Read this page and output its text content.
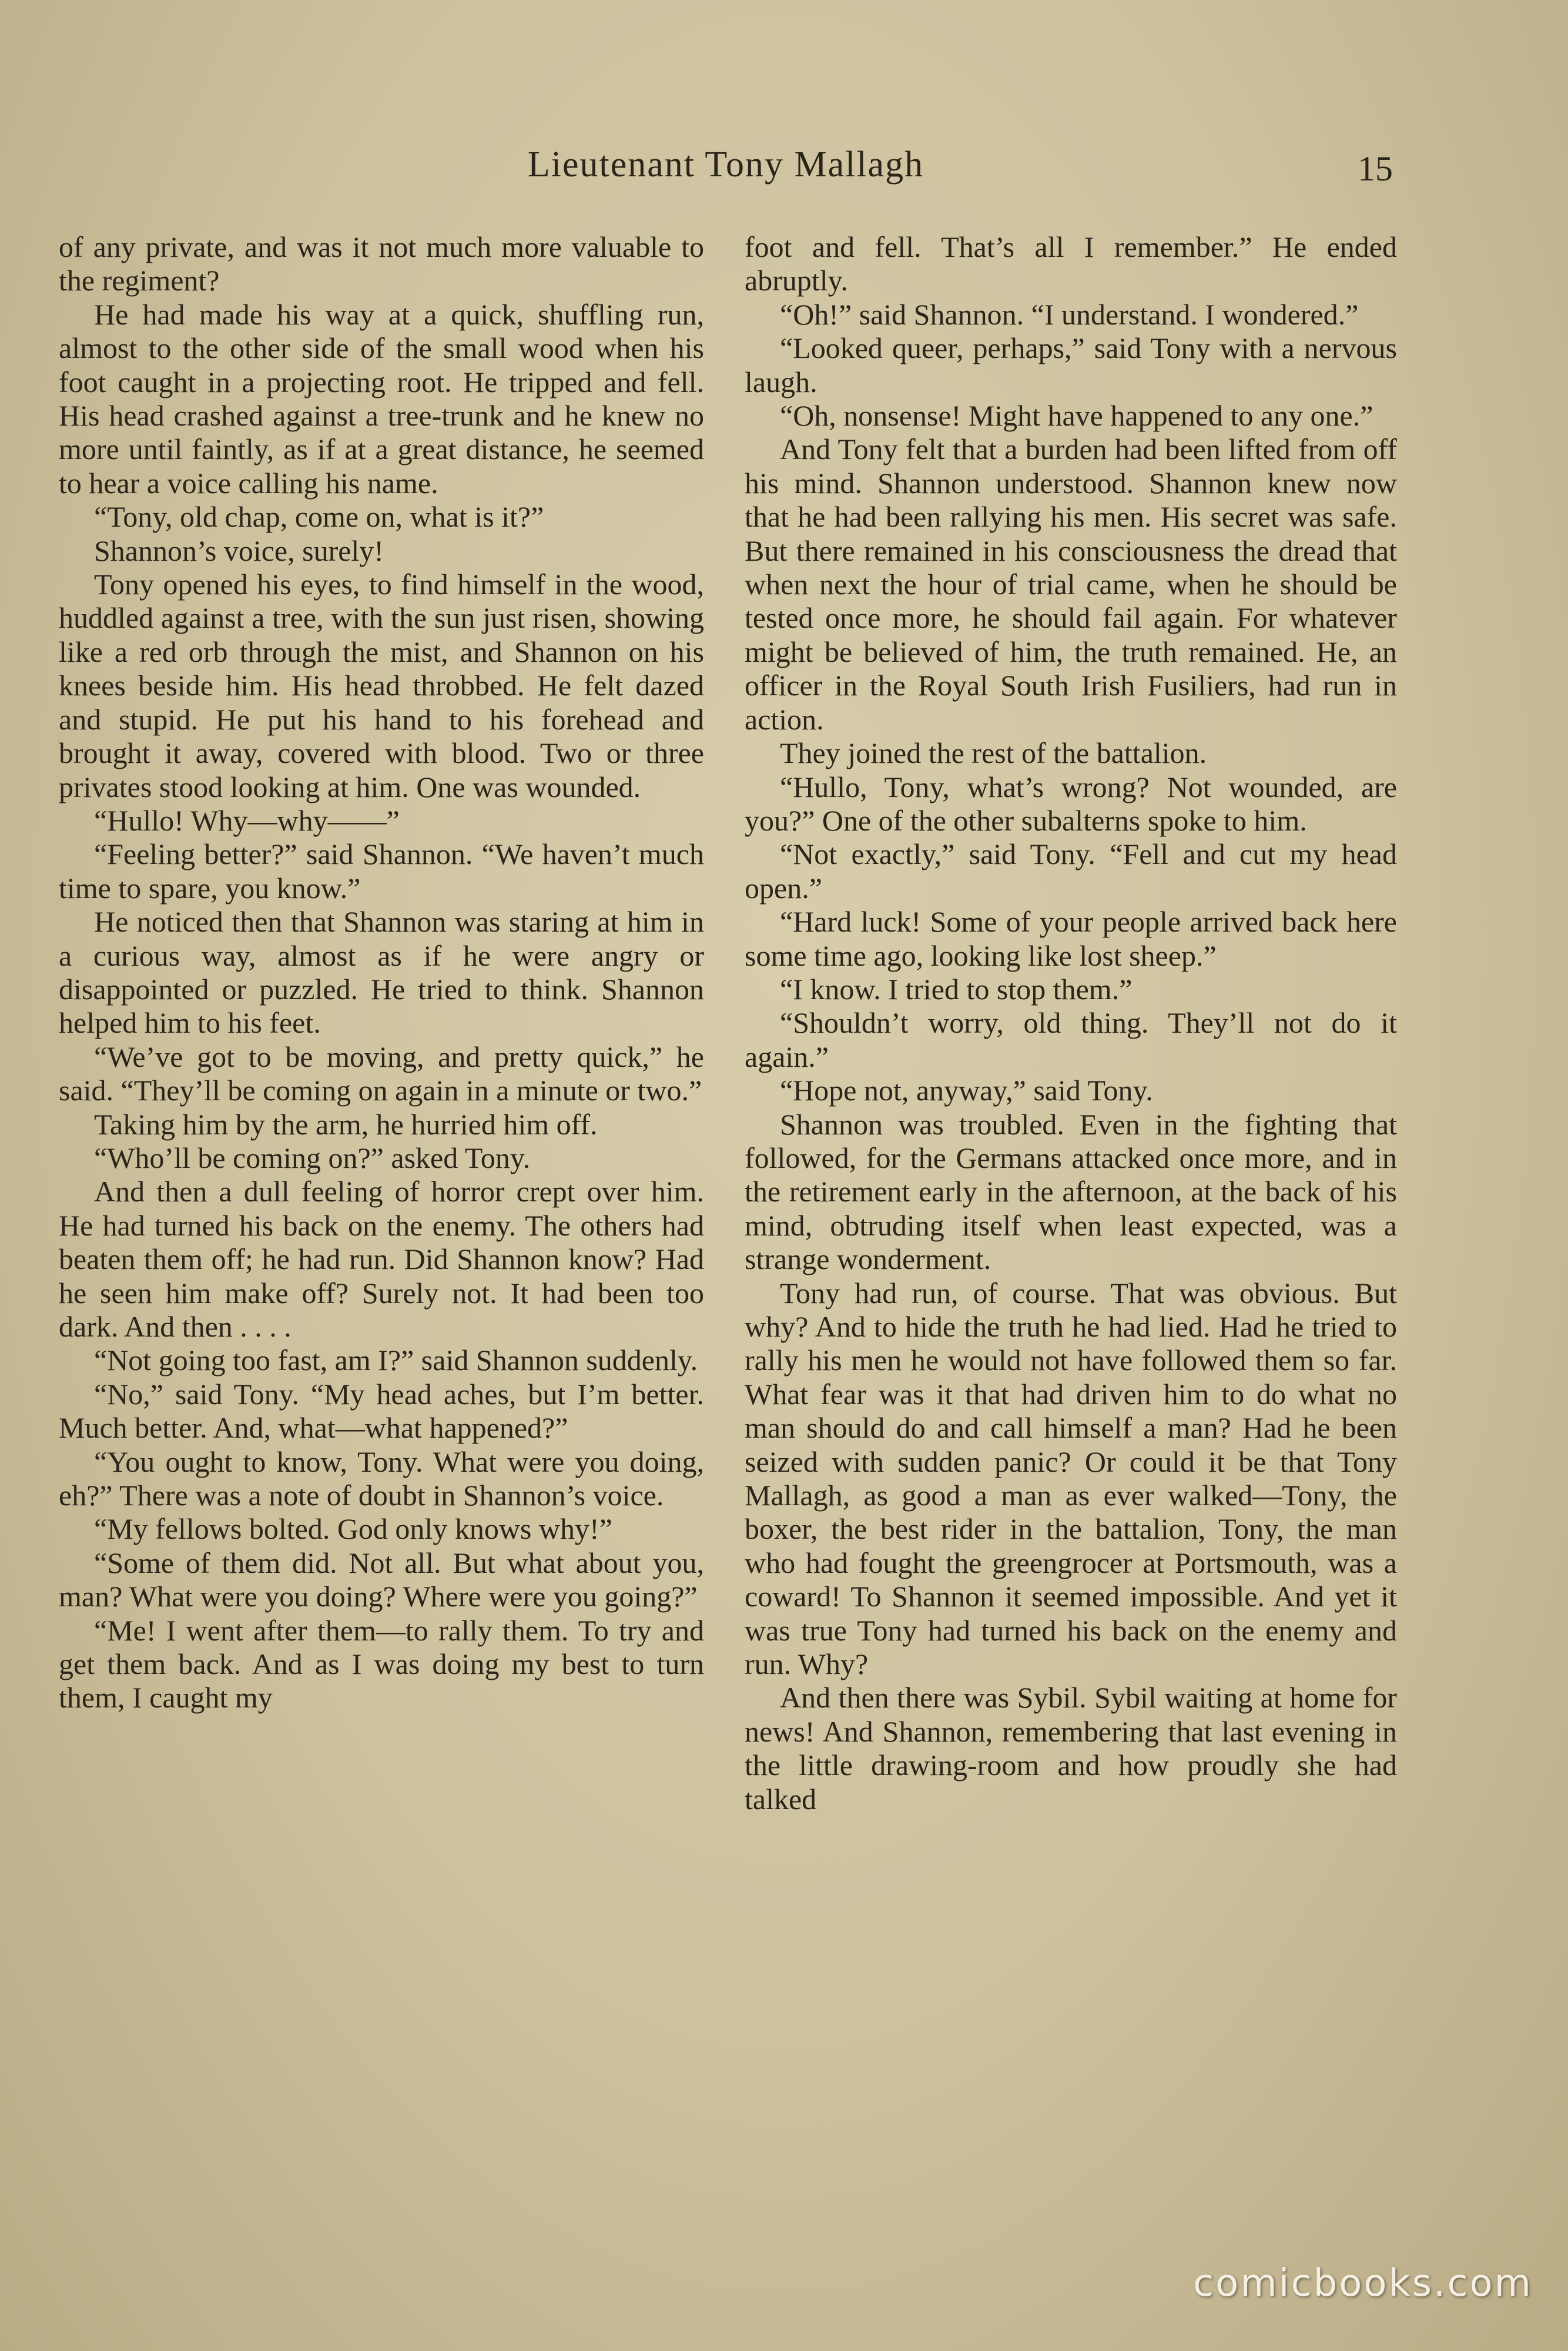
Lieutenant Tony Mallagh	15

of any private, and was it not much more valuable to the regiment?

He had made his way at a quick, shuffling run, almost to the other side of the small wood when his foot caught in a projecting root. He tripped and fell. His head crashed against a tree-trunk and he knew no more until faintly, as if at a great distance, he seemed to hear a voice calling his name.

“Tony, old chap, come on, what is it?”

Shannon’s voice, surely!

Tony opened his eyes, to find himself in the wood, huddled against a tree, with the sun just risen, showing like a red orb through the mist, and Shannon on his knees beside him. His head throbbed. He felt dazed and stupid. He put his hand to his forehead and brought it away, covered with blood. Two or three privates stood looking at him. One was wounded.

“Hullo! Why—why——”

“Feeling better?” said Shannon. “We haven’t much time to spare, you know.”

He noticed then that Shannon was staring at him in a curious way, almost as if he were angry or disappointed or puzzled. He tried to think. Shannon helped him to his feet.

“We’ve got to be moving, and pretty quick,” he said. “They’ll be coming on again in a minute or two.”

Taking him by the arm, he hurried him off.

“Who’ll be coming on?” asked Tony.

And then a dull feeling of horror crept over him. He had turned his back on the enemy. The others had beaten them off; he had run. Did Shannon know? Had he seen him make off? Surely not. It had been too dark. And then . . . .

“Not going too fast, am I?” said Shannon suddenly.

“No,” said Tony. “My head aches, but I’m better. Much better. And, what—what happened?”

“You ought to know, Tony. What were you doing, eh?” There was a note of doubt in Shannon’s voice.

“My fellows bolted. God only knows why!”

“Some of them did. Not all. But what about you, man? What were you doing? Where were you going?”

“Me! I went after them—to rally them. To try and get them back. And as I was doing my best to turn them, I caught my

foot and fell. That’s all I remember.” He ended abruptly.

“Oh!” said Shannon. “I understand. I wondered.”

“Looked queer, perhaps,” said Tony with a nervous laugh.

“Oh, nonsense! Might have happened to any one.”

And Tony felt that a burden had been lifted from off his mind. Shannon understood. Shannon knew now that he had been rallying his men. His secret was safe. But there remained in his consciousness the dread that when next the hour of trial came, when he should be tested once more, he should fail again. For whatever might be believed of him, the truth remained. He, an officer in the Royal South Irish Fusiliers, had run in action.

They joined the rest of the battalion.

“Hullo, Tony, what’s wrong? Not wounded, are you?” One of the other subalterns spoke to him.

“Not exactly,” said Tony. “Fell and cut my head open.”

“Hard luck! Some of your people arrived back here some time ago, looking like lost sheep.”

“I know. I tried to stop them.”

“Shouldn’t worry, old thing. They’ll not do it again.”

“Hope not, anyway,” said Tony.

Shannon was troubled. Even in the fighting that followed, for the Germans attacked once more, and in the retirement early in the afternoon, at the back of his mind, obtruding itself when least expected, was a strange wonderment.

Tony had run, of course. That was obvious. But why? And to hide the truth he had lied. Had he tried to rally his men he would not have followed them so far. What fear was it that had driven him to do what no man should do and call himself a man? Had he been seized with sudden panic? Or could it be that Tony Mallagh, as good a man as ever walked—Tony, the boxer, the best rider in the battalion, Tony, the man who had fought the greengrocer at Portsmouth, was a coward! To Shannon it seemed impossible. And yet it was true Tony had turned his back on the enemy and run. Why?

And then there was Sybil. Sybil waiting at home for news! And Shannon, remembering that last evening in the little drawing-room and how proudly she had talked

comicbooks.com
